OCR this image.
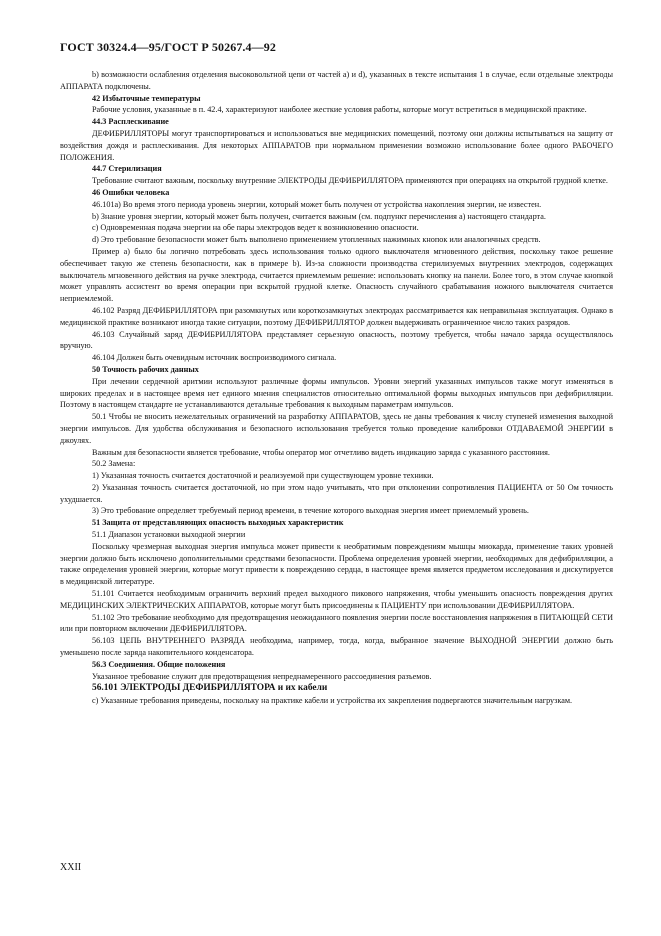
ГОСТ 30324.4—95/ГОСТ Р 50267.4—92

b) возможности ослабления отделения высоковольтной цепи от частей а) и d), указанных в тексте испытания 1 в случае, если отдельные электроды АППАРАТА подключены.

42 Избыточные температуры

Рабочие условия, указанные в п. 42.4, характеризуют наиболее жесткие условия работы, которые могут встретиться в медицинской практике.

44.3 Расплескивание

ДЕФИБРИЛЛЯТОРЫ могут транспортироваться и использоваться вне медицинских помещений, поэтому они должны испытываться на защиту от воздействия дождя и расплескивания. Для некоторых АППАРАТОВ при нормальном применении возможно использование более одного РАБОЧЕГО ПОЛОЖЕНИЯ.

44.7 Стерилизация

Требование считают важным, поскольку внутренние ЭЛЕКТРОДЫ ДЕФИБРИЛЛЯТОРА применяются при операциях на открытой грудной клетке.

46 Ошибки человека

46.101а) Во время этого периода уровень энергии, который может быть получен от устройства накопления энергии, не известен.

b) Знание уровня энергии, который может быть получен, считается важным (см. подпункт перечисления а) настоящего стандарта.

с) Одновременная подача энергии на обе пары электродов ведет к возникновению опасности.

d) Это требование безопасности может быть выполнено применением утопленных нажимных кнопок или аналогичных средств.

Пример а) было бы логично потребовать здесь использования только одного выключателя мгновенного действия, поскольку такое решение обеспечивает такую же степень безопасности, как в примере b). Из-за сложности производства стерилизуемых внутренних электродов, содержащих выключатель мгновенного действия на ручке электрода, считается приемлемым решение: использовать кнопку на панели. Более того, в этом случае кнопкой может управлять ассистент во время операции при вскрытой грудной клетке. Опасность случайного срабатывания ножного выключателя считается неприемлемой.

46.102 Разряд ДЕФИБРИЛЛЯТОРА при разомкнутых или короткозамкнутых электродах рассматривается как неправильная эксплуатация. Однако в медицинской практике возникают иногда такие ситуации, поэтому ДЕФИБРИЛЛЯТОР должен выдерживать ограниченное число таких разрядов.

46.103 Случайный заряд ДЕФИБРИЛЛЯТОРА представляет серьезную опасность, поэтому требуется, чтобы начало заряда осуществлялось вручную.

46.104 Должен быть очевидным источник воспроизводимого сигнала.

50 Точность рабочих данных

При лечении сердечной аритмии используют различные формы импульсов. Уровни энергий указанных импульсов также могут изменяться в широких пределах и в настоящее время нет единого мнения специалистов относительно оптимальной формы выходных импульсов при дефибрилляции. Поэтому в настоящем стандарте не устанавливаются детальные требования к выходным параметрам импульсов.

50.1 Чтобы не вносить нежелательных ограничений на разработку АППАРАТОВ, здесь не даны требования к числу ступеней изменения выходной энергии импульсов. Для удобства обслуживания и безопасного использования требуется только проведение калибровки ОТДАВАЕМОЙ ЭНЕРГИИ в джоулях.

Важным для безопасности является требование, чтобы оператор мог отчетливо видеть индикацию заряда с указанного расстояния.

50.2 Замена:

1) Указанная точность считается достаточной и реализуемой при существующем уровне техники.

2) Указанная точность считается достаточной, но при этом надо учитывать, что при отклонении сопротивления ПАЦИЕНТА от 50 Ом точность ухудшается.

3) Это требование определяет требуемый период времени, в течение которого выходная энергия имеет приемлемый уровень.

51 Защита от представляющих опасность выходных характеристик

51.1 Диапазон установки выходной энергии

Поскольку чрезмерная выходная энергия импульса может привести к необратимым повреждениям мышцы миокарда, применение таких уровней энергии должно быть исключено дополнительными средствами безопасности. Проблема определения уровней энергии, необходимых для дефибрилляции, а также определения уровней энергии, которые могут привести к повреждению сердца, в настоящее время является предметом исследования и дискутируется в медицинской литературе.

51.101 Считается необходимым ограничить верхний предел выходного пикового напряжения, чтобы уменьшить опасность повреждения других МЕДИЦИНСКИХ ЭЛЕКТРИЧЕСКИХ АППАРАТОВ, которые могут быть присоединены к ПАЦИЕНТУ при использовании ДЕФИБРИЛЛЯТОРА.

51.102 Это требование необходимо для предотвращения неожиданного появления энергии после восстановления напряжения в ПИТАЮЩЕЙ СЕТИ или при повторном включении ДЕФИБРИЛЛЯТОРА.

56.103 ЦЕПЬ ВНУТРЕННЕГО РАЗРЯДА необходима, например, тогда, когда, выбранное значение ВЫХОДНОЙ ЭНЕРГИИ должно быть уменьшено после заряда накопительного конденсатора.

56.3 Соединения. Общие положения

Указанное требование служит для предотвращения непреднамеренного рассоединения разъемов.

56.101 ЭЛЕКТРОДЫ ДЕФИБРИЛЛЯТОРА и их кабели

с) Указанные требования приведены, поскольку на практике кабели и устройства их закрепления подвергаются значительным нагрузкам.

XXII
